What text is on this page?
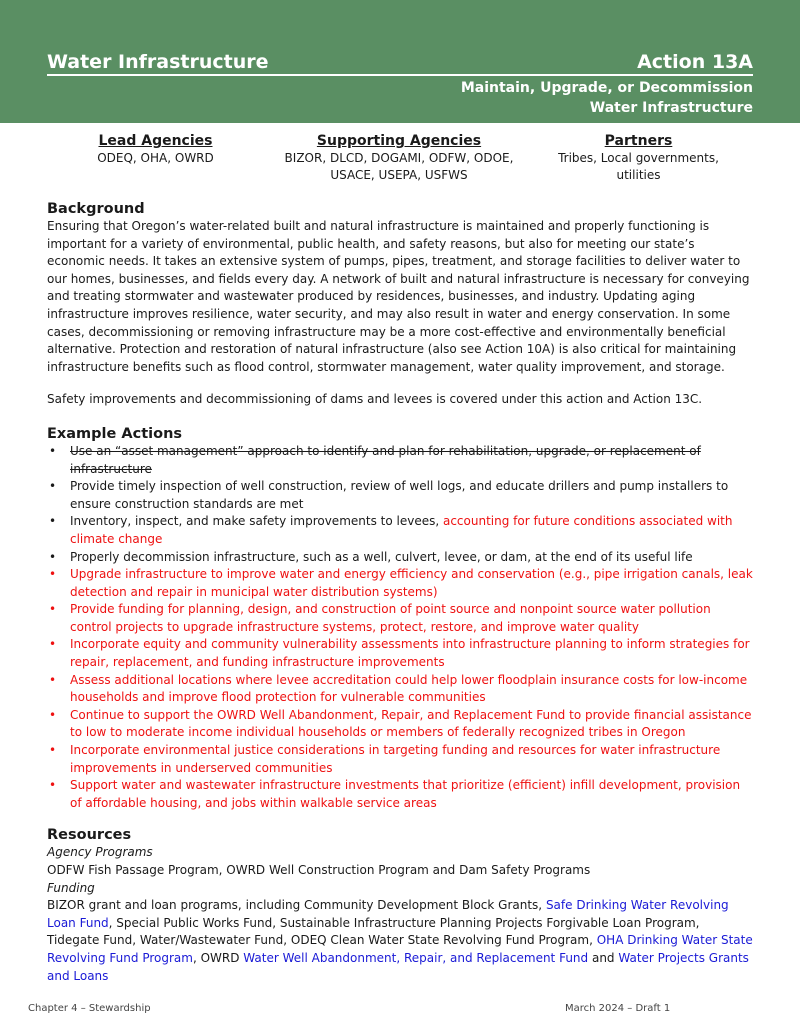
Water Infrastructure	Action 13A
Maintain, Upgrade, or Decommission
Water Infrastructure
Lead Agencies
ODEQ, OHA, OWRD
Supporting Agencies
BIZOR, DLCD, DOGAMI, ODFW, ODOE,
USACE, USEPA, USFWS
Partners
Tribes, Local governments,
utilities
Background

Ensuring that Oregon’s water-related built and natural infrastructure is maintained and properly functioning is important for a variety of environmental, public health, and safety reasons, but also for meeting our state’s economic needs. It takes an extensive system of pumps, pipes, treatment, and storage facilities to deliver water to our homes, businesses, and fields every day. A network of built and natural infrastructure is necessary for conveying and treating stormwater and wastewater produced by residences, businesses, and industry. Updating aging infrastructure improves resilience, water security, and may also result in water and energy conservation. In some cases, decommissioning or removing infrastructure may be a more cost-effective and environmentally beneficial alternative. Protection and restoration of natural infrastructure (also see Action 10A) is also critical for maintaining infrastructure benefits such as flood control, stormwater management, water quality improvement, and storage.

Safety improvements and decommissioning of dams and levees is covered under this action and Action 13C.

Example Actions
• Use an “asset management” approach to identify and plan for rehabilitation, upgrade, or replacement of infrastructure
• Provide timely inspection of well construction, review of well logs, and educate drillers and pump installers to ensure construction standards are met
• Inventory, inspect, and make safety improvements to levees, accounting for future conditions associated with climate change
• Properly decommission infrastructure, such as a well, culvert, levee, or dam, at the end of its useful life
• Upgrade infrastructure to improve water and energy efficiency and conservation (e.g., pipe irrigation canals, leak detection and repair in municipal water distribution systems)
• Provide funding for planning, design, and construction of point source and nonpoint source water pollution control projects to upgrade infrastructure systems, protect, restore, and improve water quality
• Incorporate equity and community vulnerability assessments into infrastructure planning to inform strategies for repair, replacement, and funding infrastructure improvements
• Assess additional locations where levee accreditation could help lower floodplain insurance costs for low-income households and improve flood protection for vulnerable communities
• Continue to support the OWRD Well Abandonment, Repair, and Replacement Fund to provide financial assistance to low to moderate income individual households or members of federally recognized tribes in Oregon
• Incorporate environmental justice considerations in targeting funding and resources for water infrastructure improvements in underserved communities
• Support water and wastewater infrastructure investments that prioritize (efficient) infill development, provision of affordable housing, and jobs within walkable service areas
Resources

Agency Programs

ODFW Fish Passage Program, OWRD Well Construction Program and Dam Safety Programs

Funding

BIZOR grant and loan programs, including Community Development Block Grants, Safe Drinking Water Revolving Loan Fund, Special Public Works Fund, Sustainable Infrastructure Planning Projects Forgivable Loan Program, Tidegate Fund, Water/Wastewater Fund, ODEQ Clean Water State Revolving Fund Program, OHA Drinking Water State Revolving Fund Program, OWRD Water Well Abandonment, Repair, and Replacement Fund and Water Projects Grants and Loans

Chapter 4 – Stewardship	March 2024 – Draft 1
